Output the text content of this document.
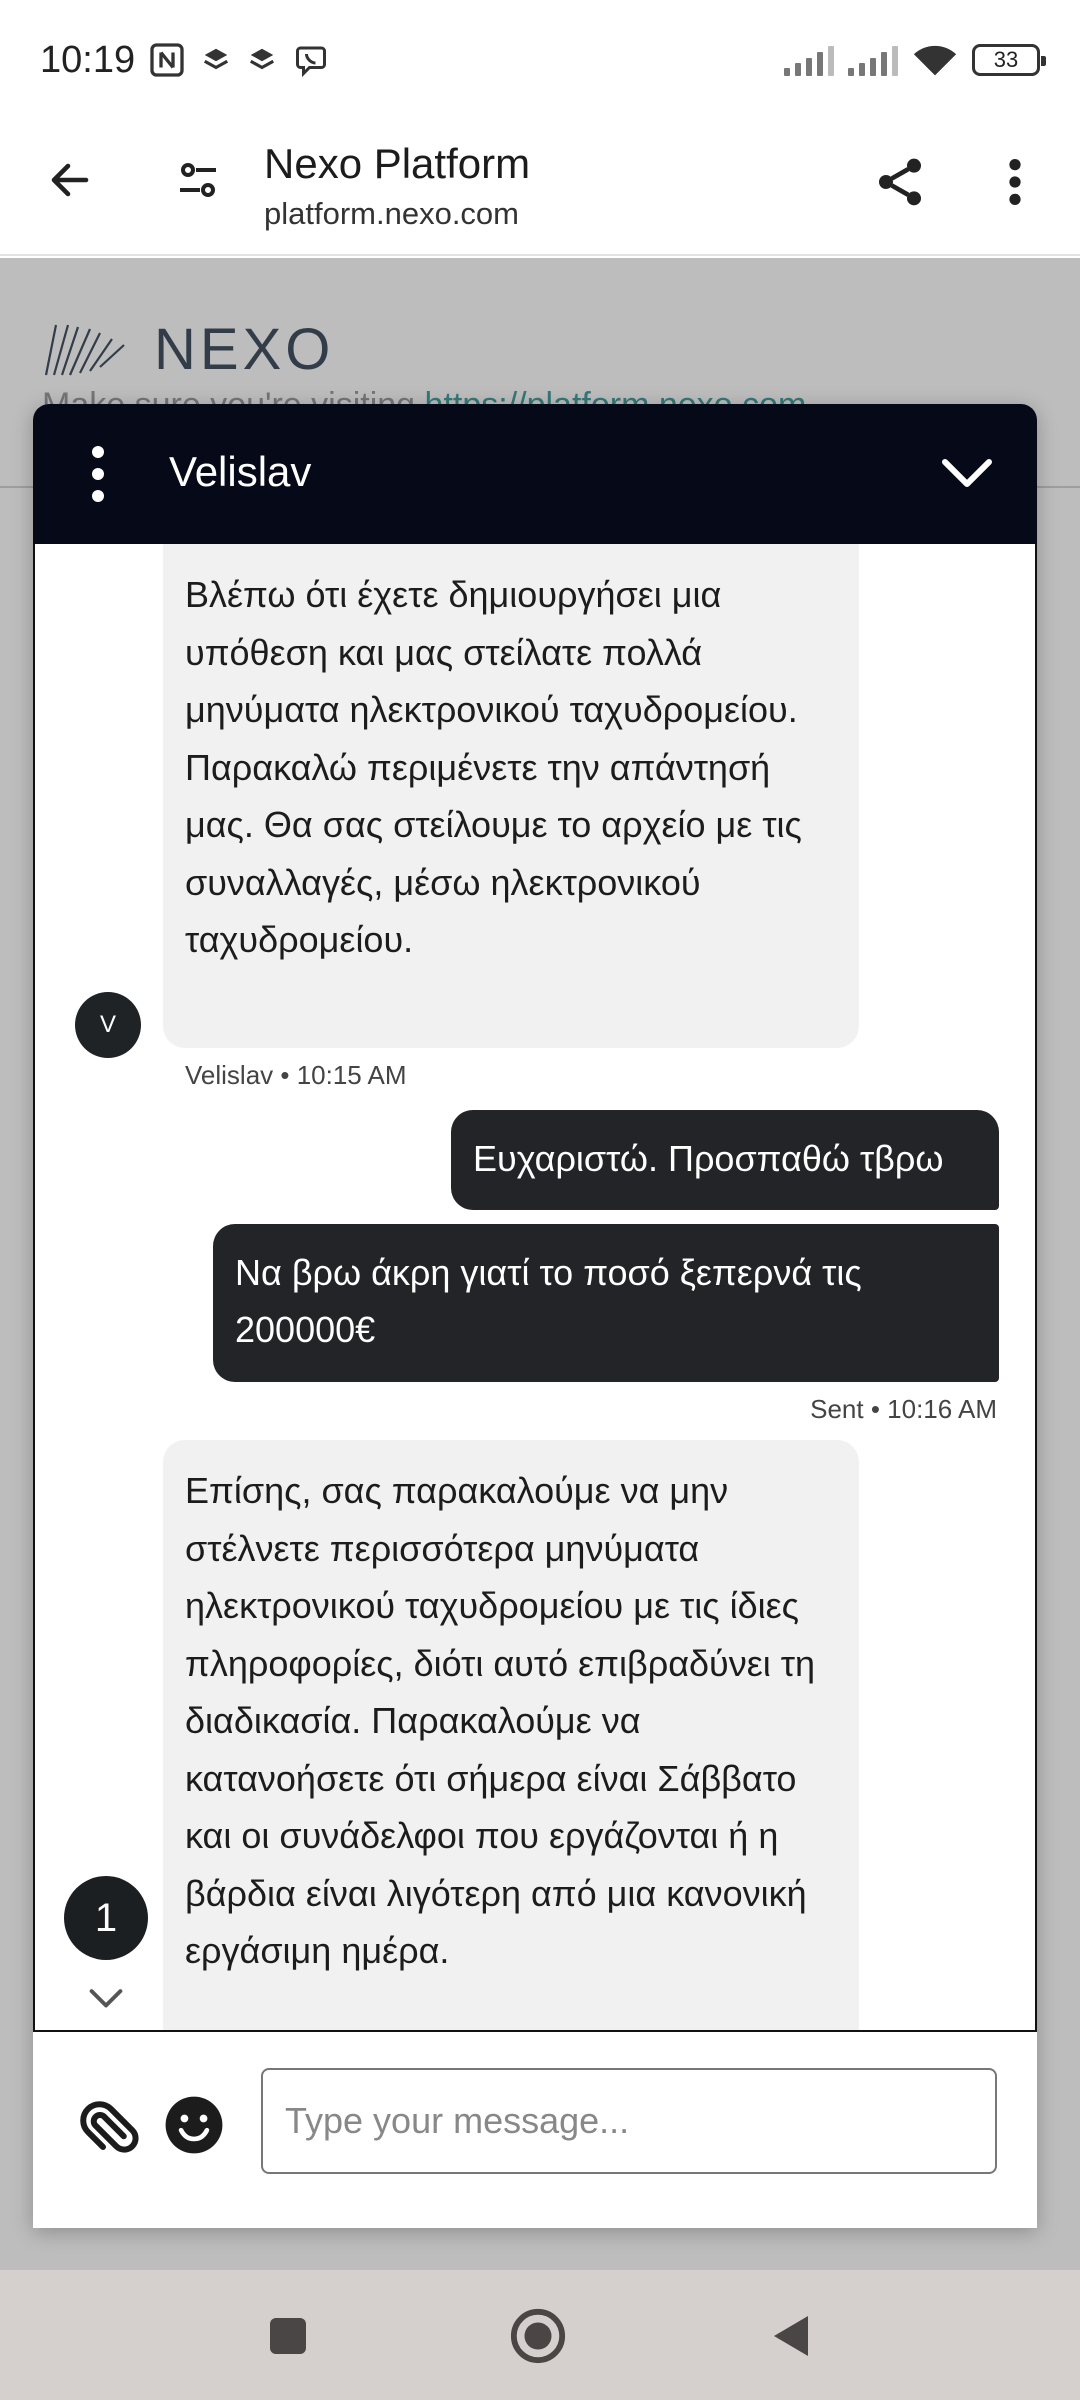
10:19	33
Nexo Platform
platform.nexo.com
NEXO
Velislav
Βλέπω ότι έχετε δημιουργήσει μια υπόθεση και μας στείλατε πολλά μηνύματα ηλεκτρονικού ταχυδρομείου. Παρακαλώ περιμένετε την απάντησή μας. Θα σας στείλουμε το αρχείο με τις συναλλαγές, μέσω ηλεκτρονικού ταχυδρομείου.
V
Velislav • 10:15 AM
Ευχαριστώ. Προσπαθώ τβρω
Να βρω άκρη γιατί το ποσό ξεπερνά τις 200000€
Sent • 10:16 AM
Επίσης, σας παρακαλούμε να μην στέλνετε περισσότερα μηνύματα ηλεκτρονικού ταχυδρομείου με τις ίδιες πληροφορίες, διότι αυτό επιβραδύνει τη διαδικασία. Παρακαλούμε να κατανοήσετε ότι σήμερα είναι Σάββατο και οι συνάδελφοι που εργάζονται ή η βάρδια είναι λιγότερη από μια κανονική εργάσιμη ημέρα.
Type your message...
1
